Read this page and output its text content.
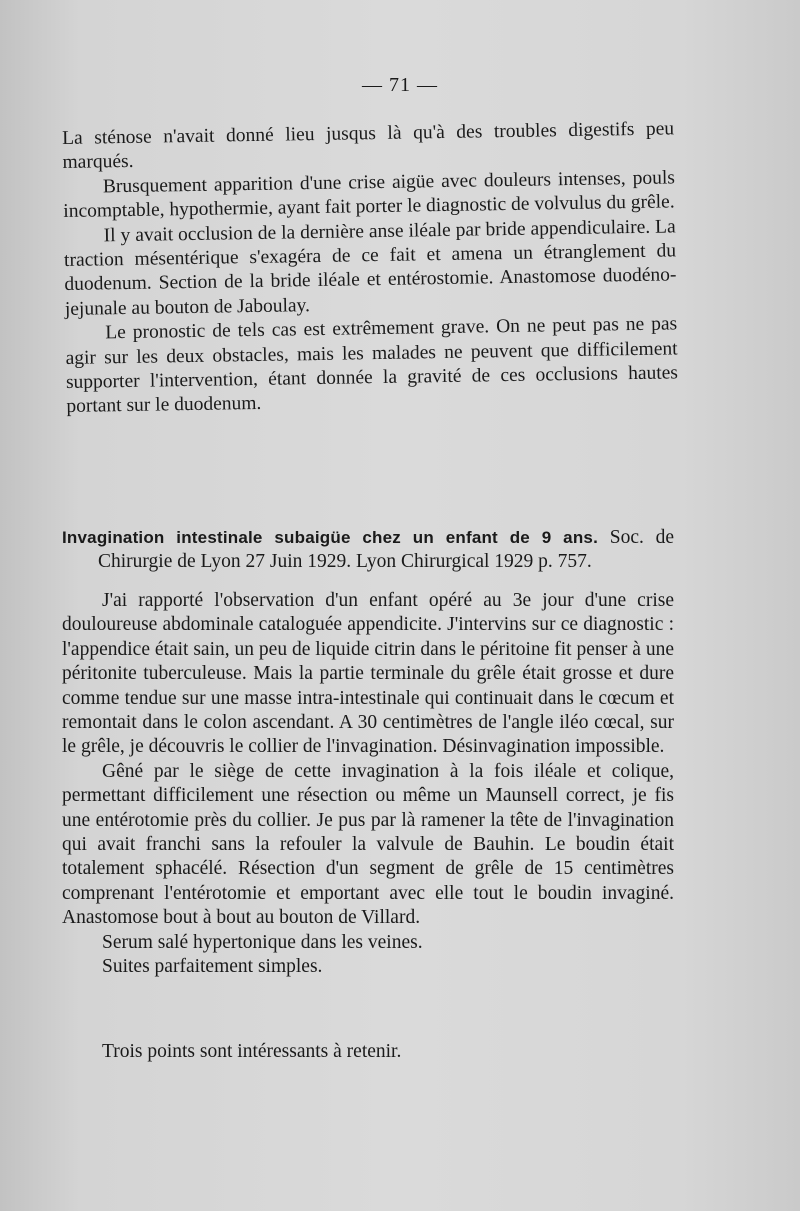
— 71 —

La sténose n'avait donné lieu jusqus là qu'à des troubles digestifs peu marqués.

Brusquement apparition d'une crise aigüe avec douleurs intenses, pouls incomptable, hypothermie, ayant fait porter le diagnostic de volvulus du grêle.

Il y avait occlusion de la dernière anse iléale par bride appendiculaire. La traction mésentérique s'exagéra de ce fait et amena un étranglement du duodenum. Section de la bride iléale et entérostomie. Anastomose duodéno-jejunale au bouton de Jaboulay.

Le pronostic de tels cas est extrêmement grave. On ne peut pas ne pas agir sur les deux obstacles, mais les malades ne peuvent que difficilement supporter l'intervention, étant donnée la gravité de ces occlusions hautes portant sur le duodenum.

Invagination intestinale subaigüe chez un enfant de 9 ans. Soc. de Chirurgie de Lyon 27 Juin 1929. Lyon Chirurgical 1929 p. 757.

J'ai rapporté l'observation d'un enfant opéré au 3e jour d'une crise douloureuse abdominale cataloguée appendicite. J'intervins sur ce diagnostic : l'appendice était sain, un peu de liquide citrin dans le péritoine fit penser à une péritonite tuberculeuse. Mais la partie terminale du grêle était grosse et dure comme tendue sur une masse intra-intestinale qui continuait dans le cœcum et remontait dans le colon ascendant. A 30 centimètres de l'angle iléo cœcal, sur le grêle, je découvris le collier de l'invagination. Désinvagination impossible.

Gêné par le siège de cette invagination à la fois iléale et colique, permettant difficilement une résection ou même un Maunsell correct, je fis une entérotomie près du collier. Je pus par là ramener la tête de l'invagination qui avait franchi sans la refouler la valvule de Bauhin. Le boudin était totalement sphacélé. Résection d'un segment de grêle de 15 centimètres comprenant l'entérotomie et emportant avec elle tout le boudin invaginé. Anastomose bout à bout au bouton de Villard.

Serum salé hypertonique dans les veines.

Suites parfaitement simples.

Trois points sont intéressants à retenir.
